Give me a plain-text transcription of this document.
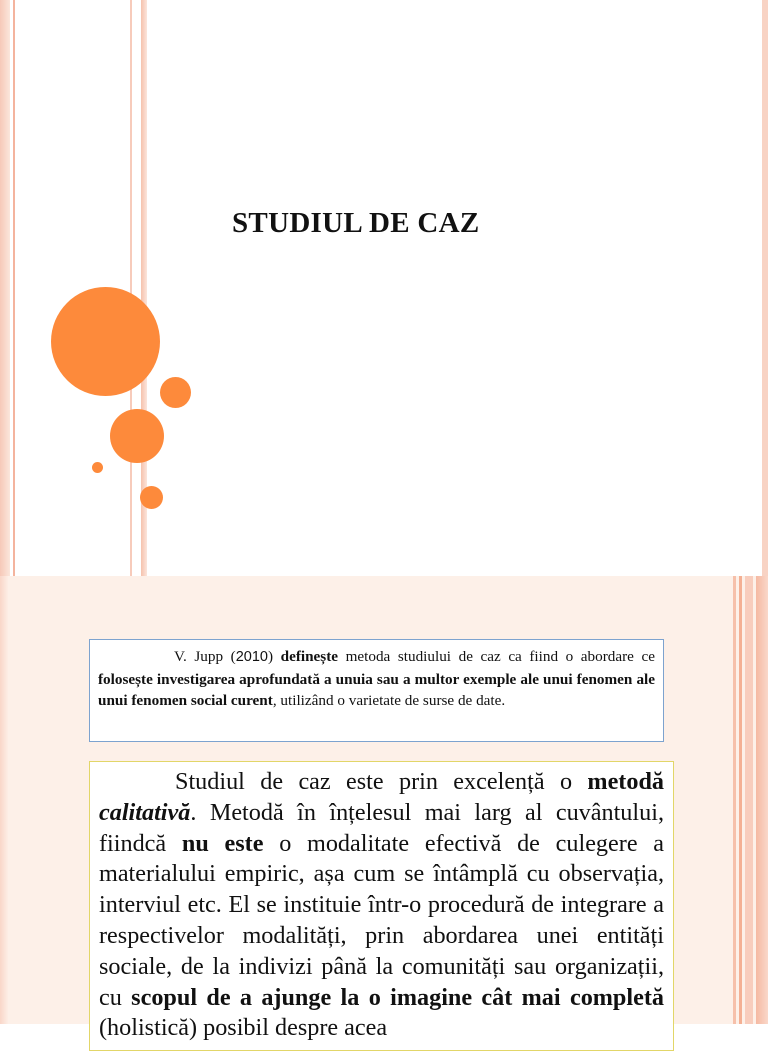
STUDIUL DE CAZ
V. Jupp (2010) definește metoda studiului de caz ca fiind o abordare ce folosește investigarea aprofundată a unuia sau a multor exemple ale unui fenomen ale unui fenomen social curent, utilizând o varietate de surse de date.
Studiul de caz este prin excelență o metodă calitativă. Metodă în înțelesul mai larg al cuvântului, fiindcă nu este o modalitate efectivă de culegere a materialului empiric, așa cum se întâmplă cu observația, interviul etc. El se instituie într-o procedură de integrare a respectivelor modalități, prin abordarea unei entități sociale, de la indivizi până la comunități sau organizații, cu scopul de a ajunge la o imagine cât mai completă (holistică) posibil despre acea
